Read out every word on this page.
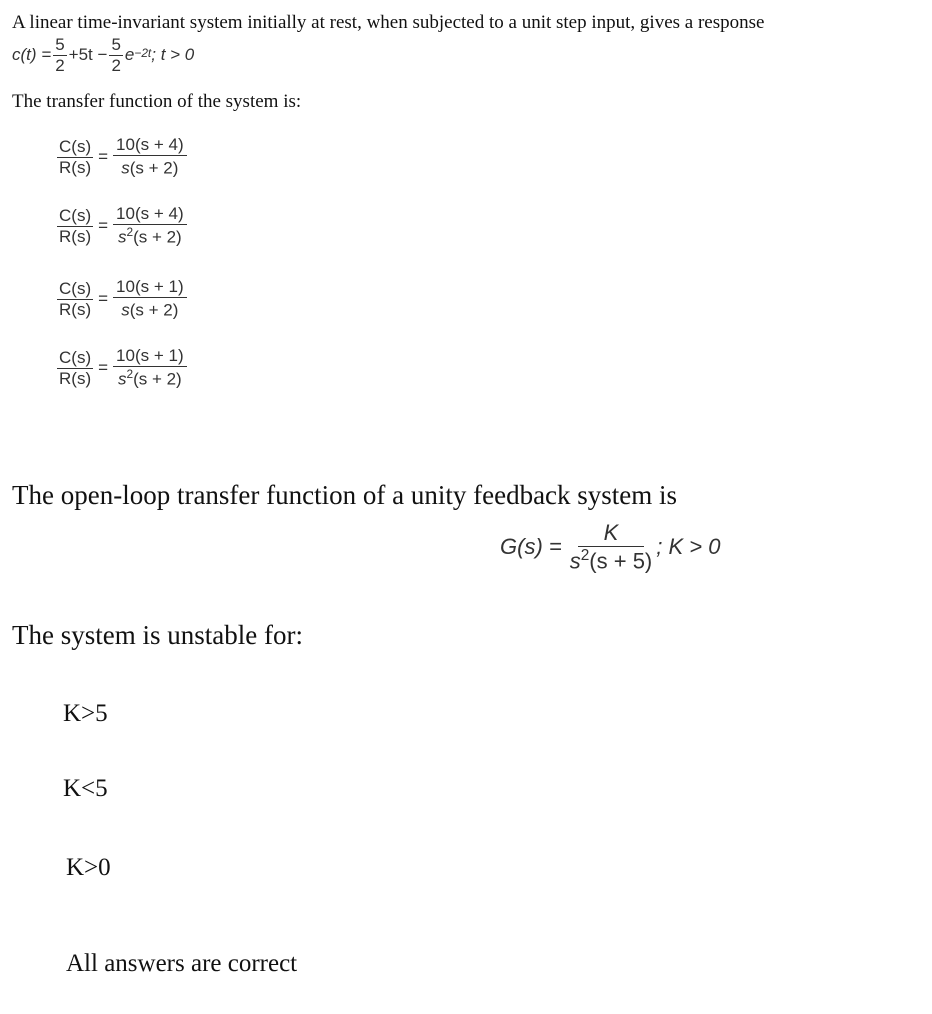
A linear time-invariant system initially at rest, when subjected to a unit step input, gives a response
$c(t) = \frac{5}{2} +5t - \frac{5}{2} e^{-2t}$ ; t > 0
The transfer function of the system is:
$\frac{C(s)}{R(s)} = \frac{10(s + 4)}{s(s + 2)}$
$\frac{C(s)}{R(s)} = \frac{10(s + 4)}{s^2(s + 2)}$
$\frac{C(s)}{R(s)} = \frac{10(s + 1)}{s(s + 2)}$
$\frac{C(s)}{R(s)} = \frac{10(s + 1)}{s^2(s + 2)}$
The open-loop transfer function of a unity feedback system is
$G(s) = \frac{K}{s^2(s + 5)}$ ; K > 0
The system is unstable for:
K>5
K<5
K>0
All answers are correct
